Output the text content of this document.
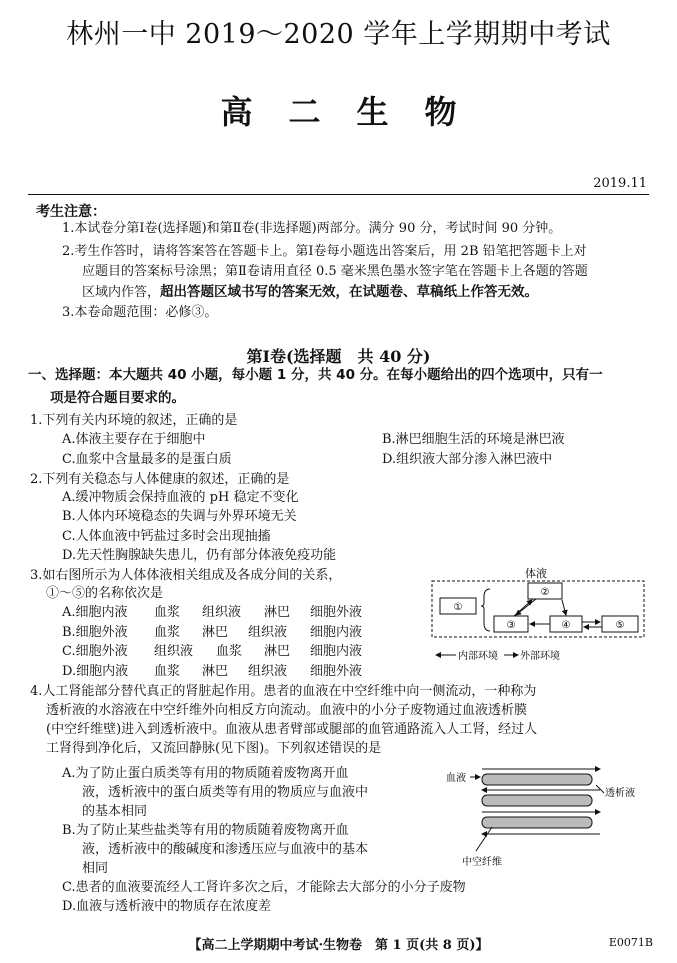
林州一中 2019～2020 学年上学期期中考试
高二生物
2019.11
考生注意：
1.本试卷分第Ⅰ卷(选择题)和第Ⅱ卷(非选择题)两部分。满分 90 分，考试时间 90 分钟。
2.考生作答时，请将答案答在答题卡上。第Ⅰ卷每小题选出答案后，用 2B 铅笔把答题卡上对
应题目的答案标号涂黑；第Ⅱ卷请用直径 0.5 毫米黑色墨水签字笔在答题卡上各题的答题
区域内作答，超出答题区域书写的答案无效，在试题卷、草稿纸上作答无效。
3.本卷命题范围：必修③。
第Ⅰ卷(选择题　共 40 分)
一、选择题：本大题共 40 小题，每小题 1 分，共 40 分。在每小题给出的四个选项中，只有一
项是符合题目要求的。
1.下列有关内环境的叙述，正确的是
A.体液主要存在于细胞中	B.淋巴细胞生活的环境是淋巴液
C.血浆中含量最多的是蛋白质	D.组织液大部分渗入淋巴液中
2.下列有关稳态与人体健康的叙述，正确的是
A.缓冲物质会保持血液的 pH 稳定不变化
B.人体内环境稳态的失调与外界环境无关
C.人体血液中钙盐过多时会出现抽搐
D.先天性胸腺缺失患儿，仍有部分体液免疫功能
3.如右图所示为人体体液相关组成及各成分间的关系，
①～⑤的名称依次是
A.细胞内液 血浆 组织液 淋巴 细胞外液
B.细胞外液 血浆 淋巴 组织液 细胞内液
C.细胞外液 组织液 血浆 淋巴 细胞内液
D.细胞内液 血浆 淋巴 组织液 细胞外液
体液
①
②
③	④	⑤
内部环境 外部环境
4.人工肾能部分替代真正的肾脏起作用。患者的血液在中空纤维中向一侧流动，一种称为
透析液的水溶液在中空纤维外向相反方向流动。血液中的小分子废物通过血液透析膜
(中空纤维壁)进入到透析液中。血液从患者臂部或腿部的血管通路流入人工肾，经过人
工肾得到净化后，又流回静脉(见下图)。下列叙述错误的是
A.为了防止蛋白质类等有用的物质随着废物离开血
液，透析液中的蛋白质类等有用的物质应与血液中
的基本相同
B.为了防止某些盐类等有用的物质随着废物离开血
液，透析液中的酸碱度和渗透压应与血液中的基本
相同
C.患者的血液要流经人工肾许多次之后，才能除去大部分的小分子废物
D.血液与透析液中的物质存在浓度差
血液
透析液
中空纤维
【高二上学期期中考试·生物卷　第 1 页(共 8 页)】	E0071B
